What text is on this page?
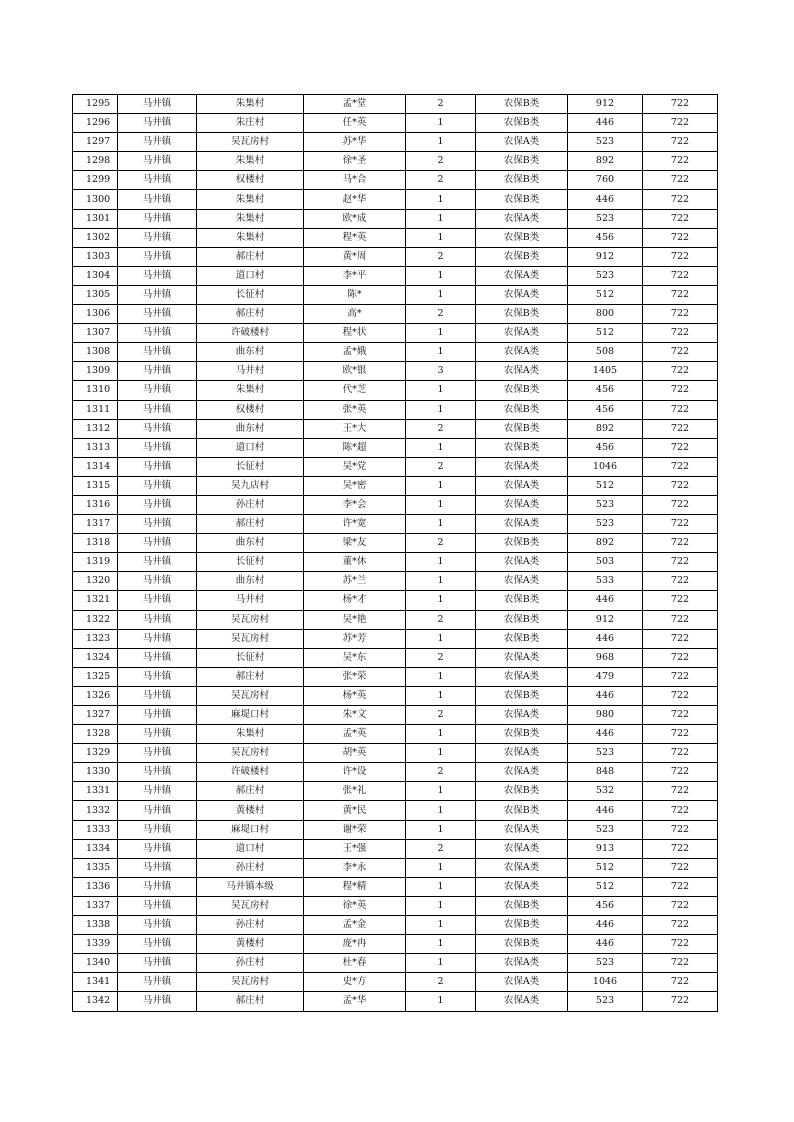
1295	马井镇	朱集村	孟*堂	2	农保B类	912	722
1296	马井镇	朱庄村	任*英	1	农保B类	446	722
1297	马井镇	吴瓦房村	苏*华	1	农保A类	523	722
1298	马井镇	朱集村	徐*圣	2	农保B类	892	722
1299	马井镇	权楼村	马*合	2	农保B类	760	722
1300	马井镇	朱集村	赵*华	1	农保B类	446	722
1301	马井镇	朱集村	欧*成	1	农保A类	523	722
1302	马井镇	朱集村	程*英	1	农保B类	456	722
1303	马井镇	郝庄村	黄*周	2	农保B类	912	722
1304	马井镇	道口村	李*平	1	农保A类	523	722
1305	马井镇	长征村	陈*	1	农保A类	512	722
1306	马井镇	郝庄村	高*	2	农保B类	800	722
1307	马井镇	许破楼村	程*状	1	农保A类	512	722
1308	马井镇	曲东村	孟*娥	1	农保A类	508	722
1309	马井镇	马井村	欧*银	3	农保A类	1405	722
1310	马井镇	朱集村	代*芝	1	农保B类	456	722
1311	马井镇	权楼村	张*英	1	农保B类	456	722
1312	马井镇	曲东村	王*大	2	农保B类	892	722
1313	马井镇	道口村	陈*超	1	农保B类	456	722
1314	马井镇	长征村	吴*党	2	农保A类	1046	722
1315	马井镇	吴九店村	吴*密	1	农保A类	512	722
1316	马井镇	孙庄村	李*会	1	农保A类	523	722
1317	马井镇	郝庄村	许*宽	1	农保A类	523	722
1318	马井镇	曲东村	梁*友	2	农保B类	892	722
1319	马井镇	长征村	董*休	1	农保A类	503	722
1320	马井镇	曲东村	苏*兰	1	农保A类	533	722
1321	马井镇	马井村	杨*才	1	农保B类	446	722
1322	马井镇	吴瓦房村	吴*艳	2	农保B类	912	722
1323	马井镇	吴瓦房村	苏*芳	1	农保B类	446	722
1324	马井镇	长征村	吴*东	2	农保A类	968	722
1325	马井镇	郝庄村	张*荣	1	农保A类	479	722
1326	马井镇	吴瓦房村	杨*英	1	农保B类	446	722
1327	马井镇	麻堤口村	朱*文	2	农保A类	980	722
1328	马井镇	朱集村	孟*英	1	农保B类	446	722
1329	马井镇	吴瓦房村	胡*英	1	农保A类	523	722
1330	马井镇	许破楼村	许*设	2	农保A类	848	722
1331	马井镇	郝庄村	张*礼	1	农保B类	532	722
1332	马井镇	黄楼村	黄*民	1	农保B类	446	722
1333	马井镇	麻堤口村	谢*荣	1	农保A类	523	722
1334	马井镇	道口村	王*强	2	农保A类	913	722
1335	马井镇	孙庄村	李*永	1	农保A类	512	722
1336	马井镇	马井镇本级	程*精	1	农保A类	512	722
1337	马井镇	吴瓦房村	徐*英	1	农保B类	456	722
1338	马井镇	孙庄村	孟*金	1	农保B类	446	722
1339	马井镇	黄楼村	庞*冉	1	农保B类	446	722
1340	马井镇	孙庄村	杜*春	1	农保A类	523	722
1341	马井镇	吴瓦房村	史*方	2	农保A类	1046	722
1342	马井镇	郝庄村	孟*华	1	农保A类	523	722
